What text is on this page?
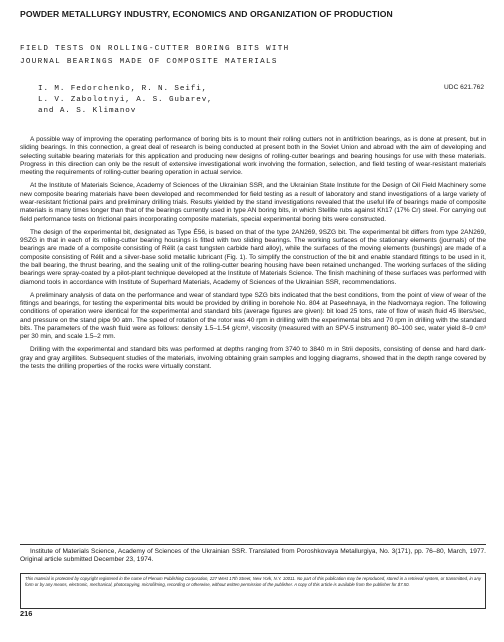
POWDER METALLURGY INDUSTRY, ECONOMICS AND ORGANIZATION OF PRODUCTION
FIELD TESTS ON ROLLING-CUTTER BORING BITS WITH
JOURNAL BEARINGS MADE OF COMPOSITE MATERIALS
I. M. Fedorchenko, R. N. Seifi,
L. V. Zabolotnyi, A. S. Gubarev,
and A. S. Klimanov
UDC 621.762

A possible way of improving the operating performance of boring bits is to mount their rolling cutters not in antifriction bearings, as is done at present, but in sliding bearings. In this connection, a great deal of research is being conducted at present both in the Soviet Union and abroad with the aim of developing and selecting suitable bearing materials for this application and producing new designs of rolling-cutter bearings and bearing housings for use with these materials. Progress in this direction can only be the result of extensive investigational work involving the formation, selection, and field testing of wear-resistant materials meeting the requirements of rolling-cutter bearing operation in actual service.

At the Institute of Materials Science, Academy of Sciences of the Ukrainian SSR, and the Ukrainian State Institute for the Design of Oil Field Machinery some new composite bearing materials have been developed and recommended for field testing as a result of laboratory and stand investigations of a large variety of wear-resistant frictional pairs and preliminary drilling trials. Results yielded by the stand investigations revealed that the useful life of bearings made of composite materials is many times longer than that of the bearings currently used in type AN boring bits, in which Stellite rubs against Kh17 (17% Cr) steel. For carrying out field performance tests on frictional pairs incorporating composite materials, special experimental boring bits were constructed.

The design of the experimental bit, designated as Type É56, is based on that of the type 2AN269, 9SZG bit. The experimental bit differs from type 2AN269, 9SZG in that in each of its rolling-cutter bearing housings is fitted with two sliding bearings. The working surfaces of the stationary elements (journals) of the bearings are made of a composite consisting of Rélit (a cast tungsten carbide hard alloy), while the surfaces of the moving elements (bushings) are made of a composite consisting of Rélit and a silver-base solid metallic lubricant (Fig. 1). To simplify the construction of the bit and enable standard fittings to be used in it, the ball bearing, the thrust bearing, and the sealing unit of the rolling-cutter bearing housing have been retained unchanged. The working surfaces of the sliding bearings were spray-coated by a pilot-plant technique developed at the Institute of Materials Science. The finish machining of these surfaces was performed with diamond tools in accordance with Institute of Superhard Materials, Academy of Sciences of the Ukrainian SSR, recommendations.

A preliminary analysis of data on the performance and wear of standard type SZG bits indicated that the best conditions, from the point of view of wear of the fittings and bearings, for testing the experimental bits would be provided by drilling in borehole No. 804 at Paseehnaya, in the Nadvornaya region. The following conditions of operation were identical for the experimental and standard bits (average figures are given): bit load 25 tons, rate of flow of wash fluid 45 liters/sec, and pressure on the stand pipe 90 atm. The speed of rotation of the rotor was 40 rpm in drilling with the experimental bits and 70 rpm in drilling with the standard bits. The parameters of the wash fluid were as follows: density 1.5–1.54 g/cm³, viscosity (measured with an SPV-5 instrument) 80–100 sec, water yield 8–9 cm³ per 30 min, and scale 1.5–2 mm.

Drilling with the experimental and standard bits was performed at depths ranging from 3740 to 3840 m in Strii deposits, consisting of dense and hard dark-gray and gray argillites. Subsequent studies of the materials, involving obtaining grain samples and logging diagrams, showed that in the depth range covered by the tests the drilling properties of the rocks were virtually constant.

Institute of Materials Science, Academy of Sciences of the Ukrainian SSR. Translated from Poroshkovaya Metallurgiya, No. 3(171), pp. 76–80, March, 1977. Original article submitted December 23, 1974.
This material is protected by copyright registered in the name of Plenum Publishing Corporation, 227 West 17th Street, New York, N.Y. 10011. No part of this publication may be reproduced, stored in a retrieval system, or transmitted, in any form or by any means, electronic, mechanical, photocopying, microfilming, recording or otherwise, without written permission of the publisher. A copy of this article is available from the publisher for $7.50.
216
